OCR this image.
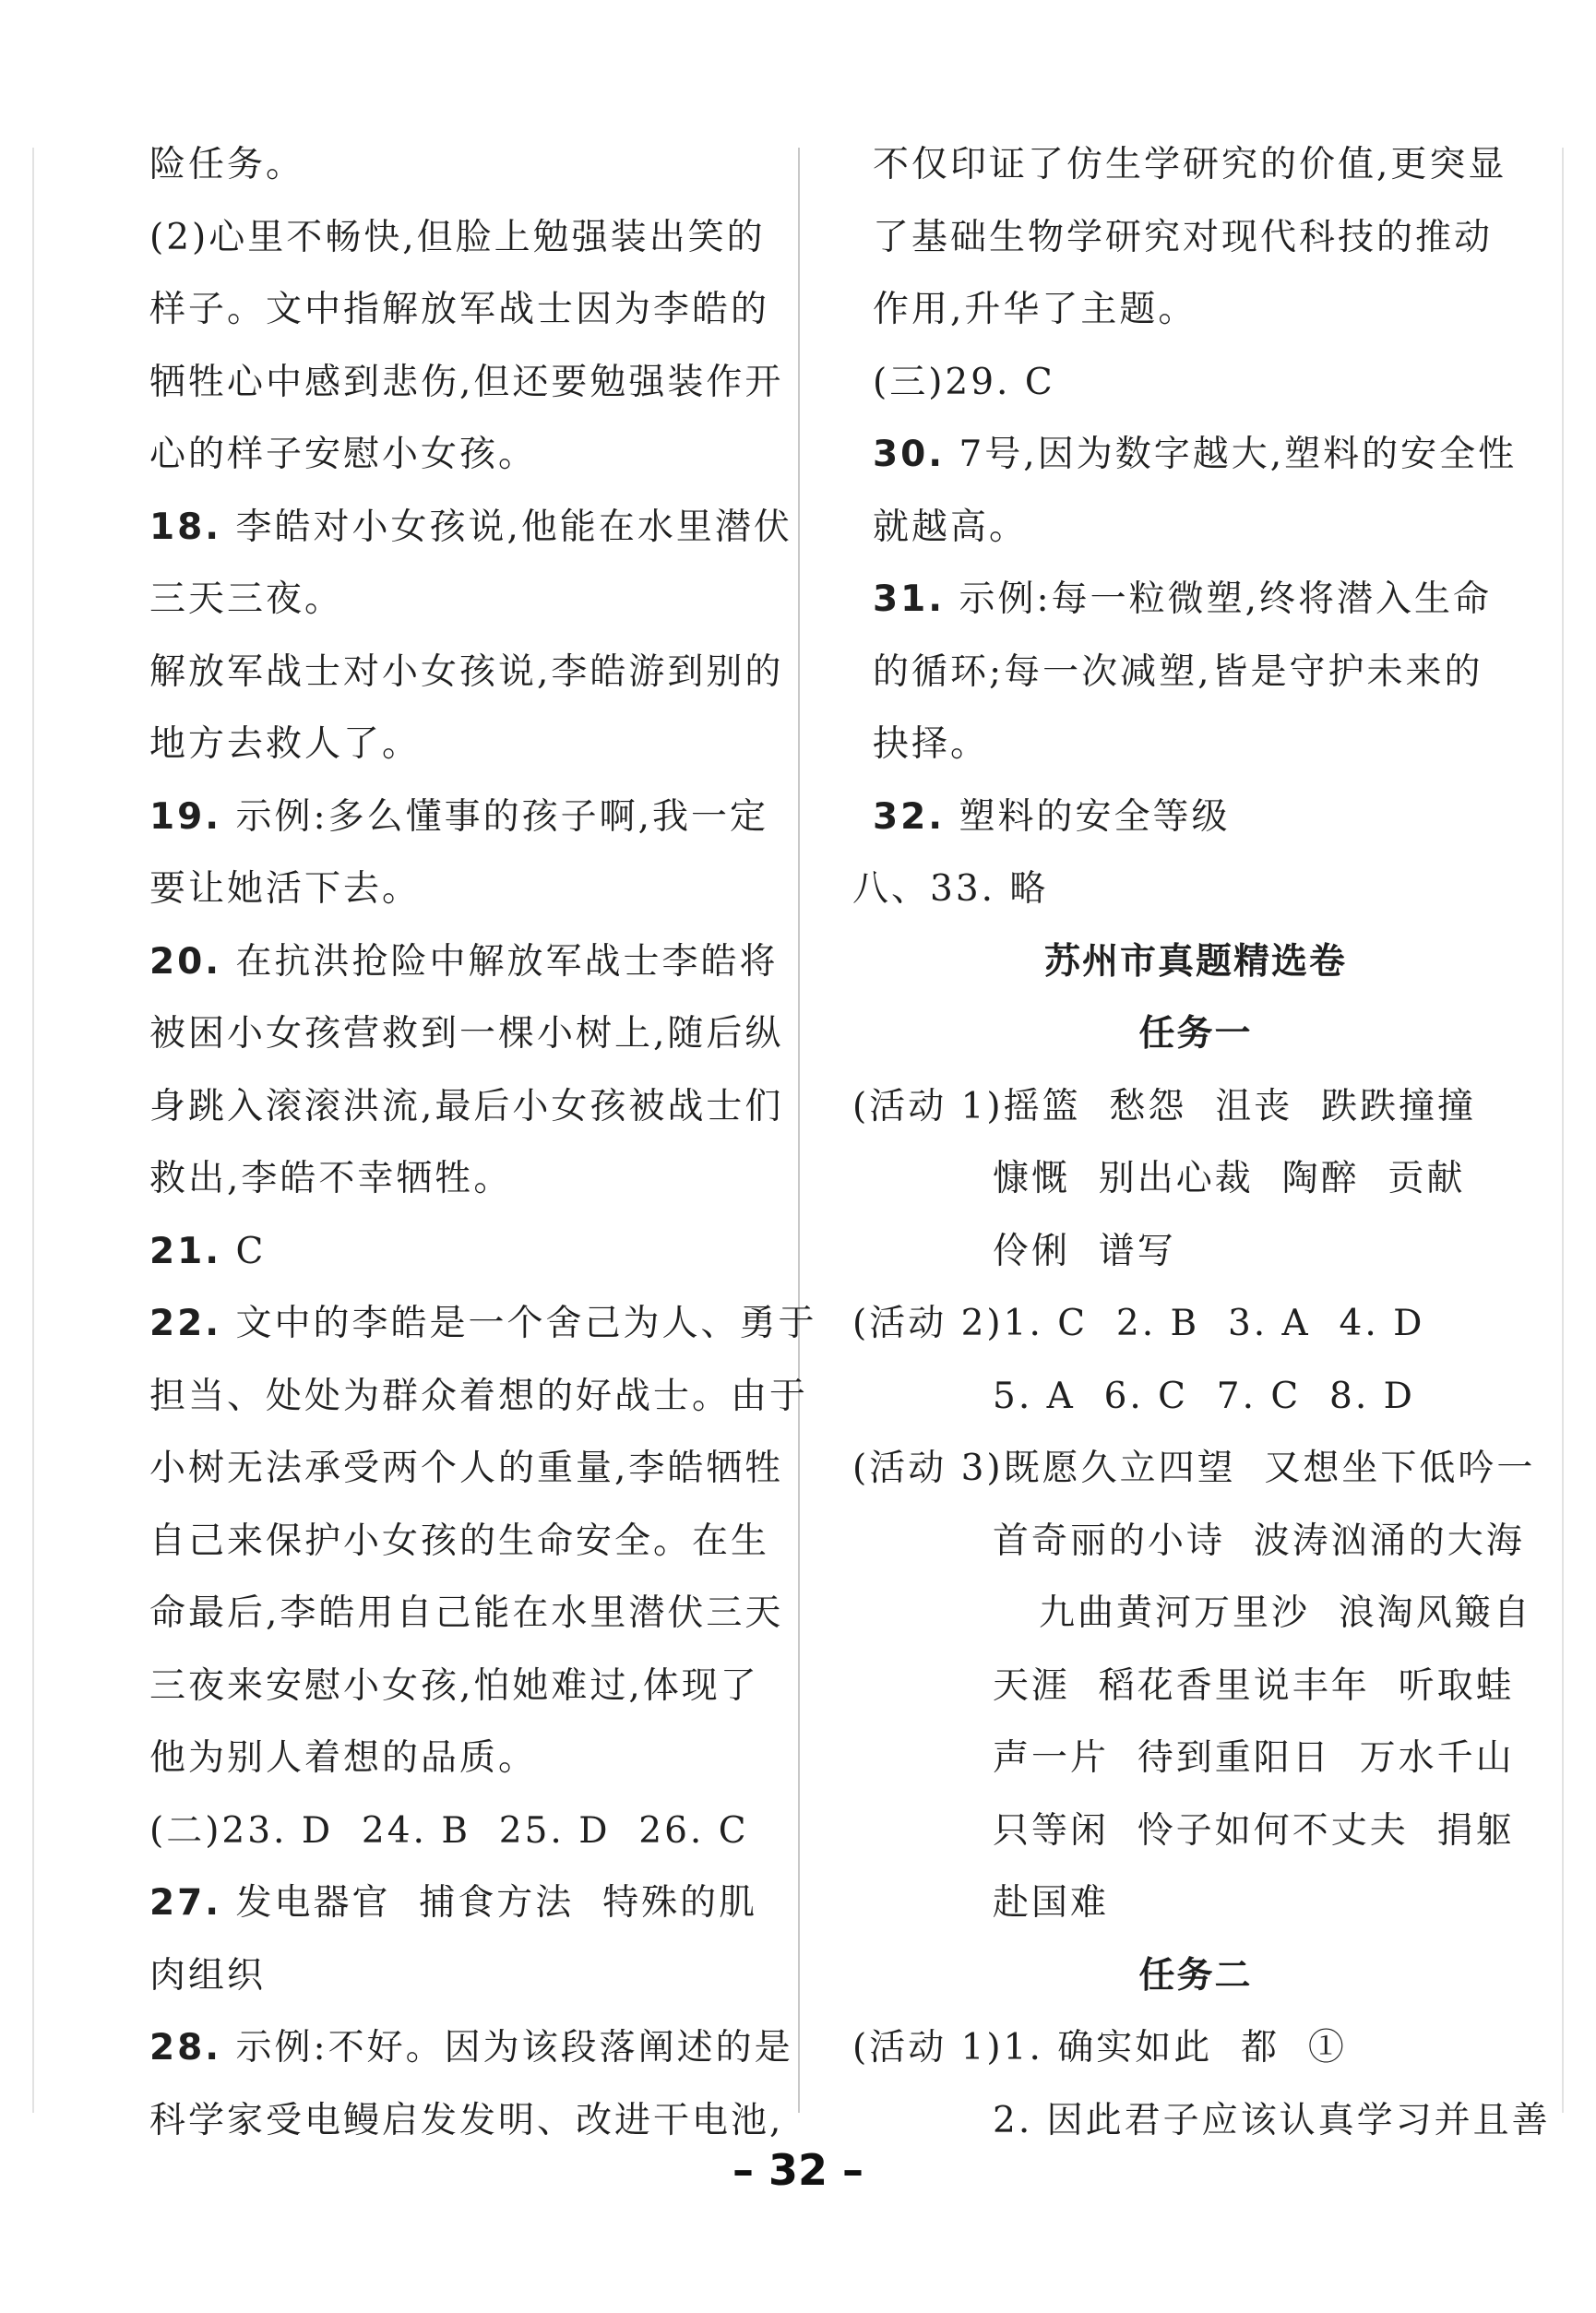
险任务。
(2)心里不畅快,但脸上勉强装出笑的
样子。文中指解放军战士因为李皓的
牺牲心中感到悲伤,但还要勉强装作开
心的样子安慰小女孩。
18. 李皓对小女孩说,他能在水里潜伏
三天三夜。
解放军战士对小女孩说,李皓游到别的
地方去救人了。
19. 示例:多么懂事的孩子啊,我一定
要让她活下去。
20. 在抗洪抢险中解放军战士李皓将
被困小女孩营救到一棵小树上,随后纵
身跳入滚滚洪流,最后小女孩被战士们
救出,李皓不幸牺牲。
21. C
22. 文中的李皓是一个舍己为人、勇于
担当、处处为群众着想的好战士。由于
小树无法承受两个人的重量,李皓牺牲
自己来保护小女孩的生命安全。在生
命最后,李皓用自己能在水里潜伏三天
三夜来安慰小女孩,怕她难过,体现了
他为别人着想的品质。
(二)23. D  24. B  25. D  26. C
27. 发电器官  捕食方法  特殊的肌
肉组织
28. 示例:不好。因为该段落阐述的是
科学家受电鳗启发发明、改进干电池,
不仅印证了仿生学研究的价值,更突显
了基础生物学研究对现代科技的推动
作用,升华了主题。
(三)29. C
30. 7号,因为数字越大,塑料的安全性
就越高。
31. 示例:每一粒微塑,终将潜入生命
的循环;每一次减塑,皆是守护未来的
抉择。
32. 塑料的安全等级
八、33. 略
苏州市真题精选卷
任务一
(活动 1)摇篮  愁怨  沮丧  跌跌撞撞
慷慨  别出心裁  陶醉  贡献
伶俐  谱写
(活动 2)1. C  2. B  3. A  4. D
5. A  6. C  7. C  8. D
(活动 3)既愿久立四望  又想坐下低吟一
首奇丽的小诗  波涛汹涌的大海
九曲黄河万里沙  浪淘风簸自
天涯  稻花香里说丰年  听取蛙
声一片  待到重阳日  万水千山
只等闲  怜子如何不丈夫  捐躯
赴国难
任务二
(活动 1)1. 确实如此  都  ①
2. 因此君子应该认真学习并且善
– 32 –
